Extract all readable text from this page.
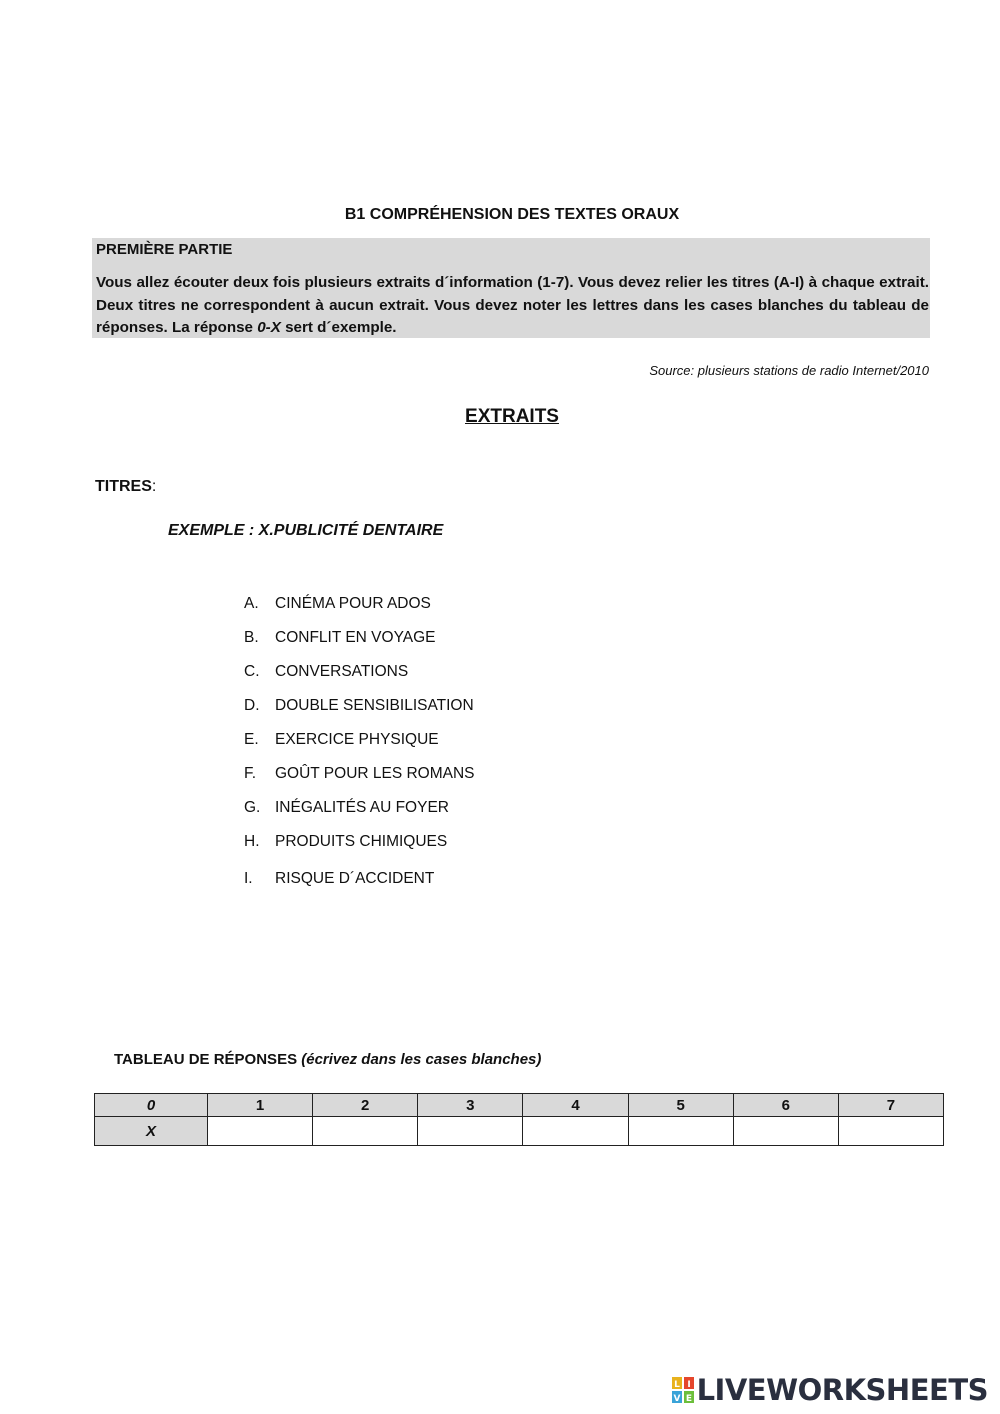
B1 COMPRÉHENSION DES TEXTES ORAUX
PREMIÈRE PARTIE
Vous allez écouter deux fois plusieurs extraits d´information (1-7). Vous devez relier les titres (A-I) à chaque extrait. Deux titres ne correspondent à aucun extrait. Vous devez noter les lettres dans les cases blanches du tableau de réponses. La réponse 0-X sert d´exemple.
Source: plusieurs stations de radio Internet/2010
EXTRAITS
TITRES:
EXEMPLE : X.PUBLICITÉ DENTAIRE
A.	CINÉMA POUR ADOS
B.	CONFLIT EN VOYAGE
C.	CONVERSATIONS
D.	DOUBLE SENSIBILISATION
E.	EXERCICE PHYSIQUE
F.	GOÛT POUR LES ROMANS
G. INÉGALITÉS AU FOYER
H.	PRODUITS CHIMIQUES
I.	RISQUE D´ACCIDENT
TABLEAU DE RÉPONSES (écrivez dans les cases blanches)
0	1	2	3	4	5	6	7
X							
L I
V E LIVEWORKSHEETS
